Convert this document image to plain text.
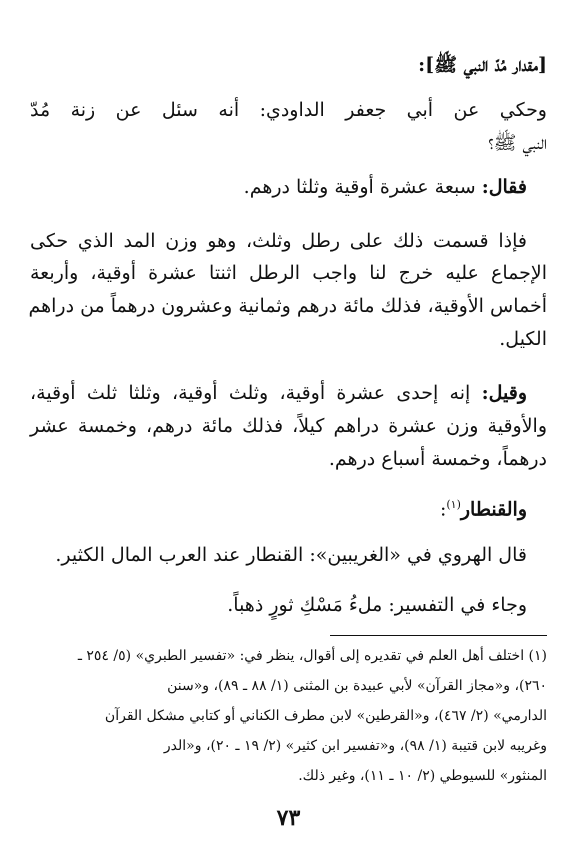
[مقدار مُدّ النبي ﷺ]:
وحكي عن أبي جعفر الداودي: أنه سئل عن زنة مُدّ
النبي ﷺ؟
فقال: سبعة عشرة أوقية وثلثا درهم.
فإذا قسمت ذلك على رطل وثلث، وهو وزن المد الذي حكى
الإجماع عليه خرج لنا واجب الرطل اثنتا عشرة أوقية، وأربعة
أخماس الأوقية، فذلك مائة درهم وثمانية وعشرون درهماً من دراهم
الكيل.
وقيل: إنه إحدى عشرة أوقية، وثلث أوقية، وثلثا ثلث أوقية،
والأوقية وزن عشرة دراهم كيلاً، فذلك مائة درهم، وخمسة عشر
درهماً، وخمسة أسباع درهم.
والقنطار$^{(١)}$:
قال الهروي في «الغريبين»: القنطار عند العرب المال الكثير.
وجاء في التفسير: ملءُ مَسْكِ ثورٍ ذهباً.
(١) اختلف أهل العلم في تقديره إلى أقوال، ينظر في: «تفسير الطبري» (٥/ ٢٥٤ ـ
٢٦٠)، و«مجاز القرآن» لأبي عبيدة بن المثنى (١/ ٨٨ ـ ٨٩)، و«سنن
الدارمي» (٢/ ٤٦٧)، و«القرطين» لابن مطرف الكناني أو كتابي مشكل القرآن
وغريبه لابن قتيبة (١/ ٩٨)، و«تفسير ابن كثير» (٢/ ١٩ ـ ٢٠)، و«الدر
المنثور» للسيوطي (٢/ ١٠ ـ ١١)، وغير ذلك.
٧٣
